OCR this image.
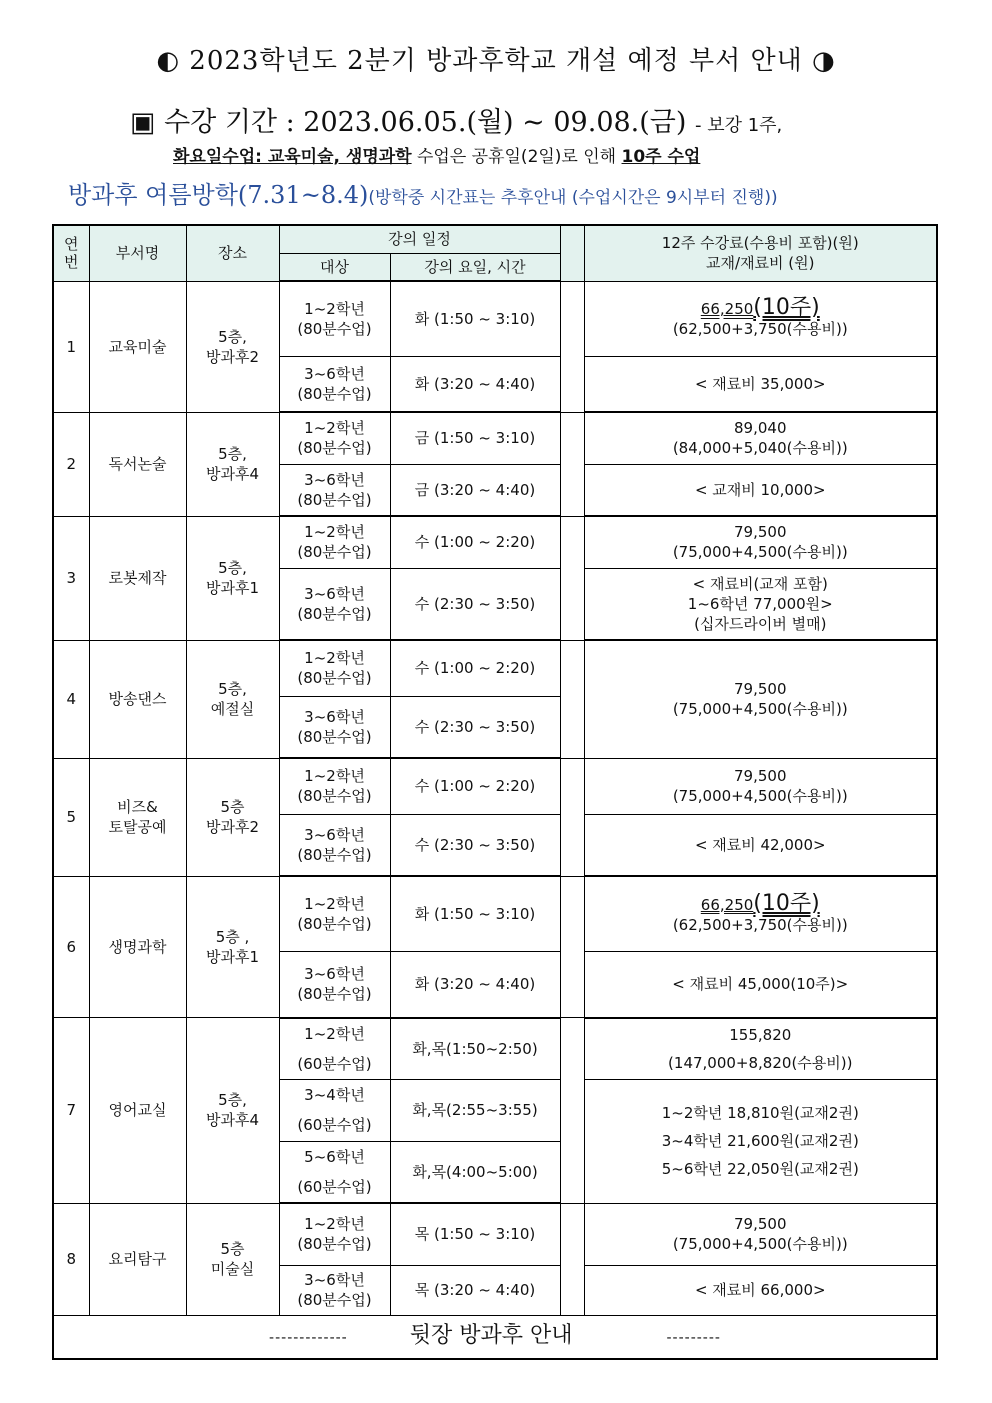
◐ 2023학년도 2분기 방과후학교 개설 예정 부서 안내 ◑
▣ 수강 기간 : 2023.06.05.(월) ~ 09.08.(금) - 보강 1주,
화요일수업: 교육미술, 생명과학 수업은 공휴일(2일)로 인해 10주 수업
방과후 여름방학(7.31~8.4)(방학중 시간표는 추후안내 (수업시간은 9시부터 진행))
연번	부서명	장소	강의 일정			12주 수강료(수용비 포함)(원)
교재/재료비 (원)
			대상	강의 요일, 시간		
1	교육미술	5층,
방과후2	1~2학년
(80분수업)	화 (1:50 ~ 3:10)		66,250(10주)
(62,500+3,750(수용비))
			3~6학년
(80분수업)	화 (3:20 ~ 4:40)		< 재료비 35,000>
2	독서논술	5층,
방과후4	1~2학년
(80분수업)	금 (1:50 ~ 3:10)		89,040
(84,000+5,040(수용비))
			3~6학년
(80분수업)	금 (3:20 ~ 4:40)		< 교재비 10,000>
3	로봇제작	5층,
방과후1	1~2학년
(80분수업)	수 (1:00 ~ 2:20)		79,500
(75,000+4,500(수용비))
			3~6학년
(80분수업)	수 (2:30 ~ 3:50)		< 재료비(교재 포함)
1~6학년 77,000원>
(십자드라이버 별매)
4	방송댄스	5층,
예절실	1~2학년
(80분수업)	수 (1:00 ~ 2:20)		79,500
(75,000+4,500(수용비))
			3~6학년
(80분수업)	수 (2:30 ~ 3:50)		
5	비즈&
토탈공예	5층
방과후2	1~2학년
(80분수업)	수 (1:00 ~ 2:20)		79,500
(75,000+4,500(수용비))
			3~6학년
(80분수업)	수 (2:30 ~ 3:50)		< 재료비 42,000>
6	생명과학	5층 ,
방과후1	1~2학년
(80분수업)	화 (1:50 ~ 3:10)		66,250(10주)
(62,500+3,750(수용비))
			3~6학년
(80분수업)	화 (3:20 ~ 4:40)		< 재료비 45,000(10주)>
7	영어교실	5층,
방과후4	1~2학년
(60분수업)	화,목(1:50~2:50)		155,820
(147,000+8,820(수용비))
			3~4학년
(60분수업)	화,목(2:55~3:55)		1~2학년 18,810원(교재2권)
3~4학년 21,600원(교재2권)
5~6학년 22,050원(교재2권)
			5~6학년
(60분수업)	화,목(4:00~5:00)		
8	요리탐구	5층
미술실	1~2학년
(80분수업)	목 (1:50 ~ 3:10)		79,500
(75,000+4,500(수용비))
			3~6학년
(80분수업)	목 (3:20 ~ 4:40)		< 재료비 66,000>
------------- 뒷장 방과후 안내 ---------						
